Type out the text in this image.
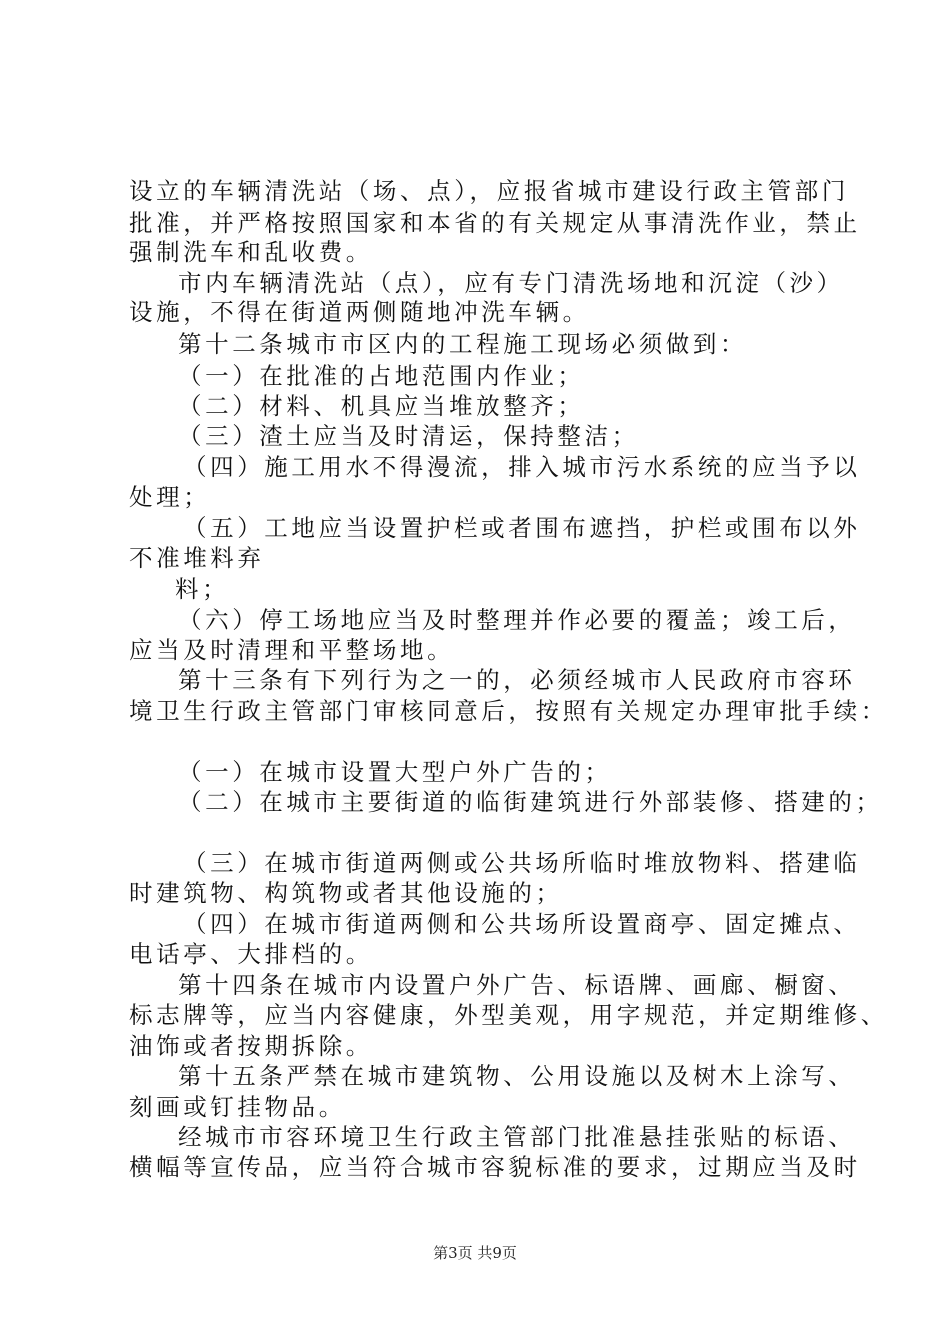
设立的车辆清洗站（场、点），应报省城市建设行政主管部门
批准，并严格按照国家和本省的有关规定从事清洗作业，禁止
强制洗车和乱收费。
市内车辆清洗站（点），应有专门清洗场地和沉淀（沙）
设施，不得在街道两侧随地冲洗车辆。
第十二条城市市区内的工程施工现场必须做到：
（一）在批准的占地范围内作业；
（二）材料、机具应当堆放整齐；
（三）渣土应当及时清运，保持整洁；
（四）施工用水不得漫流，排入城市污水系统的应当予以
处理；
（五）工地应当设置护栏或者围布遮挡，护栏或围布以外
不准堆料弃
料；
（六）停工场地应当及时整理并作必要的覆盖；竣工后，
应当及时清理和平整场地。
第十三条有下列行为之一的，必须经城市人民政府市容环
境卫生行政主管部门审核同意后，按照有关规定办理审批手续：
（一）在城市设置大型户外广告的；
（二）在城市主要街道的临街建筑进行外部装修、搭建的；
（三）在城市街道两侧或公共场所临时堆放物料、搭建临
时建筑物、构筑物或者其他设施的；
（四）在城市街道两侧和公共场所设置商亭、固定摊点、
电话亭、大排档的。
第十四条在城市内设置户外广告、标语牌、画廊、橱窗、
标志牌等，应当内容健康，外型美观，用字规范，并定期维修、
油饰或者按期拆除。
第十五条严禁在城市建筑物、公用设施以及树木上涂写、
刻画或钉挂物品。
经城市市容环境卫生行政主管部门批准悬挂张贴的标语、
横幅等宣传品，应当符合城市容貌标准的要求，过期应当及时
第3页 共9页
